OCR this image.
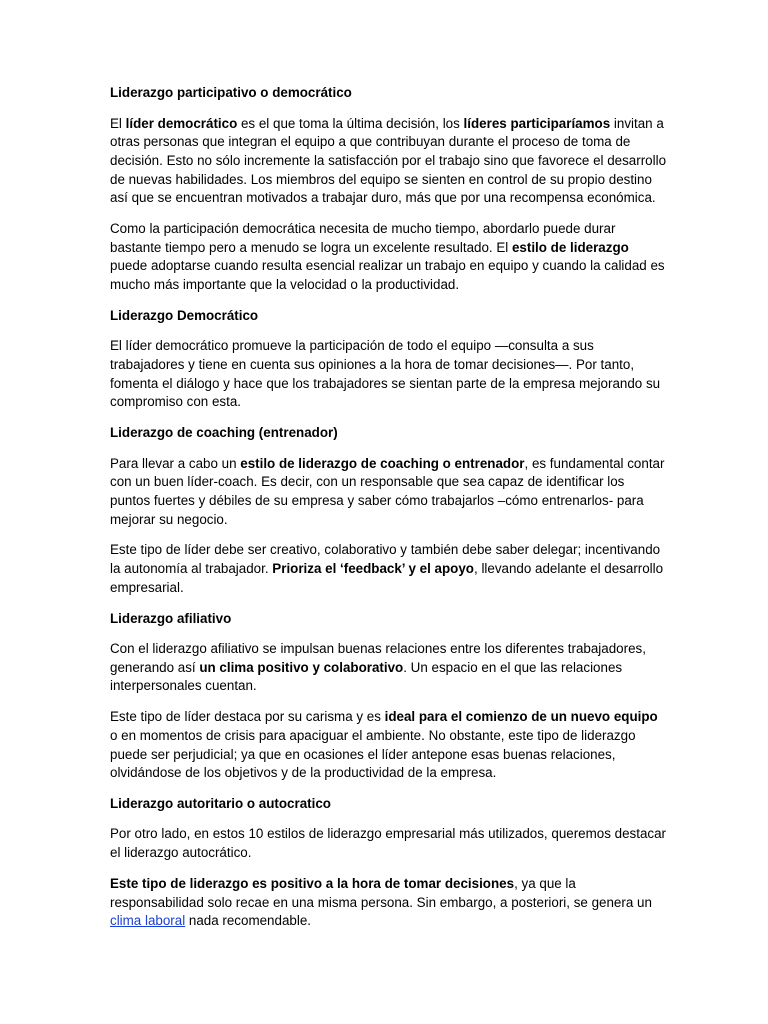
Liderazgo participativo o democrático
El líder democrático es el que toma la última decisión, los líderes participaríamos invitan a otras personas que integran el equipo a que contribuyan durante el proceso de toma de decisión. Esto no sólo incremente la satisfacción por el trabajo sino que favorece el desarrollo de nuevas habilidades. Los miembros del equipo se sienten en control de su propio destino así que se encuentran motivados a trabajar duro, más que por una recompensa económica.
Como la participación democrática necesita de mucho tiempo, abordarlo puede durar bastante tiempo pero a menudo se logra un excelente resultado. El estilo de liderazgo puede adoptarse cuando resulta esencial realizar un trabajo en equipo y cuando la calidad es mucho más importante que la velocidad o la productividad.
Liderazgo Democrático
El líder democrático promueve la participación de todo el equipo —consulta a sus trabajadores y tiene en cuenta sus opiniones a la hora de tomar decisiones—. Por tanto, fomenta el diálogo y hace que los trabajadores se sientan parte de la empresa mejorando su compromiso con esta.
Liderazgo de coaching (entrenador)
Para llevar a cabo un estilo de liderazgo de coaching o entrenador, es fundamental contar con un buen líder-coach. Es decir, con un responsable que sea capaz de identificar los puntos fuertes y débiles de su empresa y saber cómo trabajarlos –cómo entrenarlos- para mejorar su negocio.
Este tipo de líder debe ser creativo, colaborativo y también debe saber delegar; incentivando la autonomía al trabajador. Prioriza el ‘feedback’ y el apoyo, llevando adelante el desarrollo empresarial.
Liderazgo afiliativo
Con el liderazgo afiliativo se impulsan buenas relaciones entre los diferentes trabajadores, generando así un clima positivo y colaborativo. Un espacio en el que las relaciones interpersonales cuentan.
Este tipo de líder destaca por su carisma y es ideal para el comienzo de un nuevo equipo o en momentos de crisis para apaciguar el ambiente. No obstante, este tipo de liderazgo puede ser perjudicial; ya que en ocasiones el líder antepone esas buenas relaciones, olvidándose de los objetivos y de la productividad de la empresa.
Liderazgo autoritario o autocratico
Por otro lado, en estos 10 estilos de liderazgo empresarial más utilizados, queremos destacar el liderazgo autocrático.
Este tipo de liderazgo es positivo a la hora de tomar decisiones, ya que la responsabilidad solo recae en una misma persona. Sin embargo, a posteriori, se genera un clima laboral nada recomendable.
